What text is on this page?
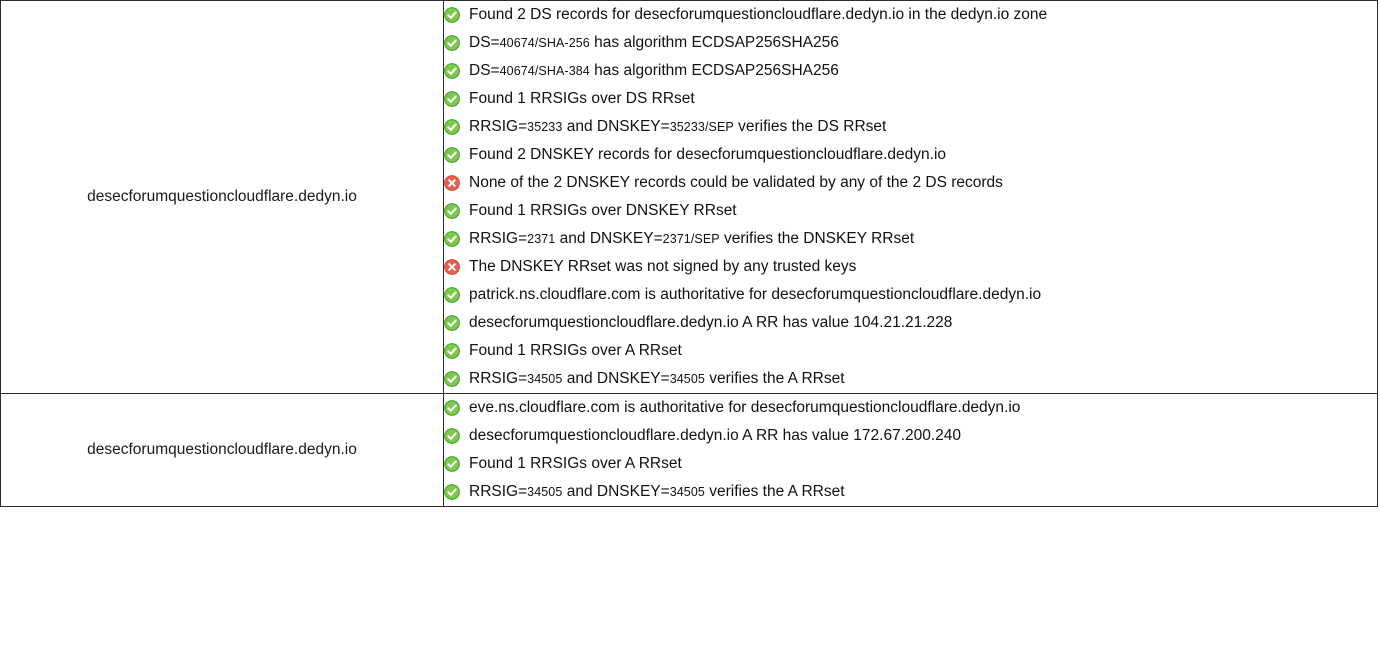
desecforumquestioncloudflare.dedyn.io	
Found 2 DS records for desecforumquestioncloudflare.dedyn.io in the dedyn.io zone
DS=40674/SHA-256 has algorithm ECDSAP256SHA256
DS=40674/SHA-384 has algorithm ECDSAP256SHA256
Found 1 RRSIGs over DS RRset
RRSIG=35233 and DNSKEY=35233/SEP verifies the DS RRset
Found 2 DNSKEY records for desecforumquestioncloudflare.dedyn.io
None of the 2 DNSKEY records could be validated by any of the 2 DS records
Found 1 RRSIGs over DNSKEY RRset
RRSIG=2371 and DNSKEY=2371/SEP verifies the DNSKEY RRset
The DNSKEY RRset was not signed by any trusted keys
patrick.ns.cloudflare.com is authoritative for desecforumquestioncloudflare.dedyn.io
desecforumquestioncloudflare.dedyn.io A RR has value 104.21.21.228
Found 1 RRSIGs over A RRset
RRSIG=34505 and DNSKEY=34505 verifies the A RRset

desecforumquestioncloudflare.dedyn.io	
eve.ns.cloudflare.com is authoritative for desecforumquestioncloudflare.dedyn.io
desecforumquestioncloudflare.dedyn.io A RR has value 172.67.200.240
Found 1 RRSIGs over A RRset
RRSIG=34505 and DNSKEY=34505 verifies the A RRset
